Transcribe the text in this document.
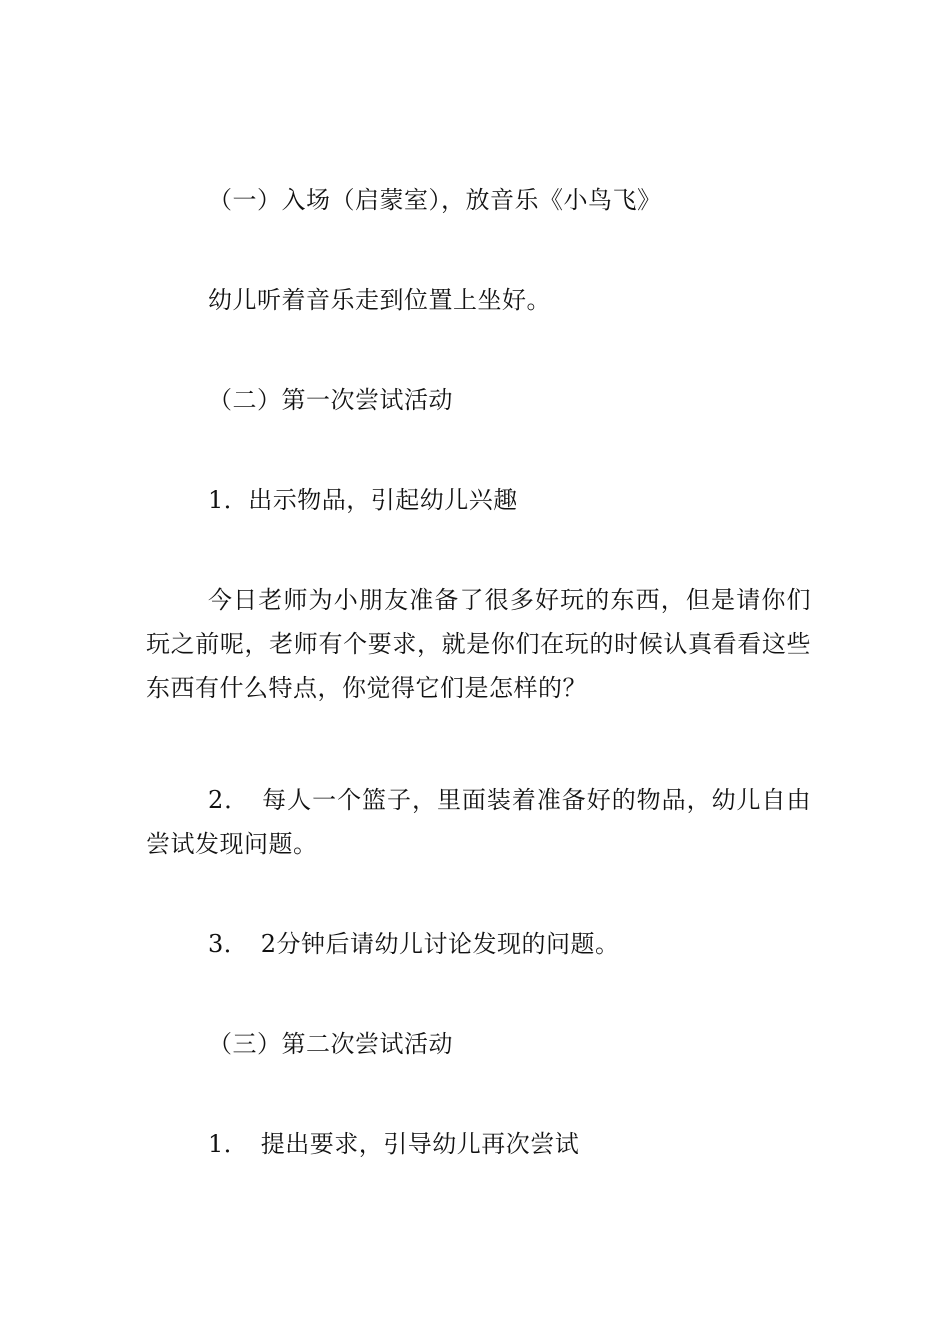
（一）入场（启蒙室），放音乐《小鸟飞》
幼儿听着音乐走到位置上坐好。
（二）第一次尝试活动
1．出示物品，引起幼儿兴趣
今日老师为小朋友准备了很多好玩的东西，但是请你们玩之前呢，老师有个要求，就是你们在玩的时候认真看看这些东西有什么特点，你觉得它们是怎样的？
2．　每人一个篮子，里面装着准备好的物品，幼儿自由尝试发现问题。
3．　2分钟后请幼儿讨论发现的问题。
（三）第二次尝试活动
1．　提出要求，引导幼儿再次尝试
